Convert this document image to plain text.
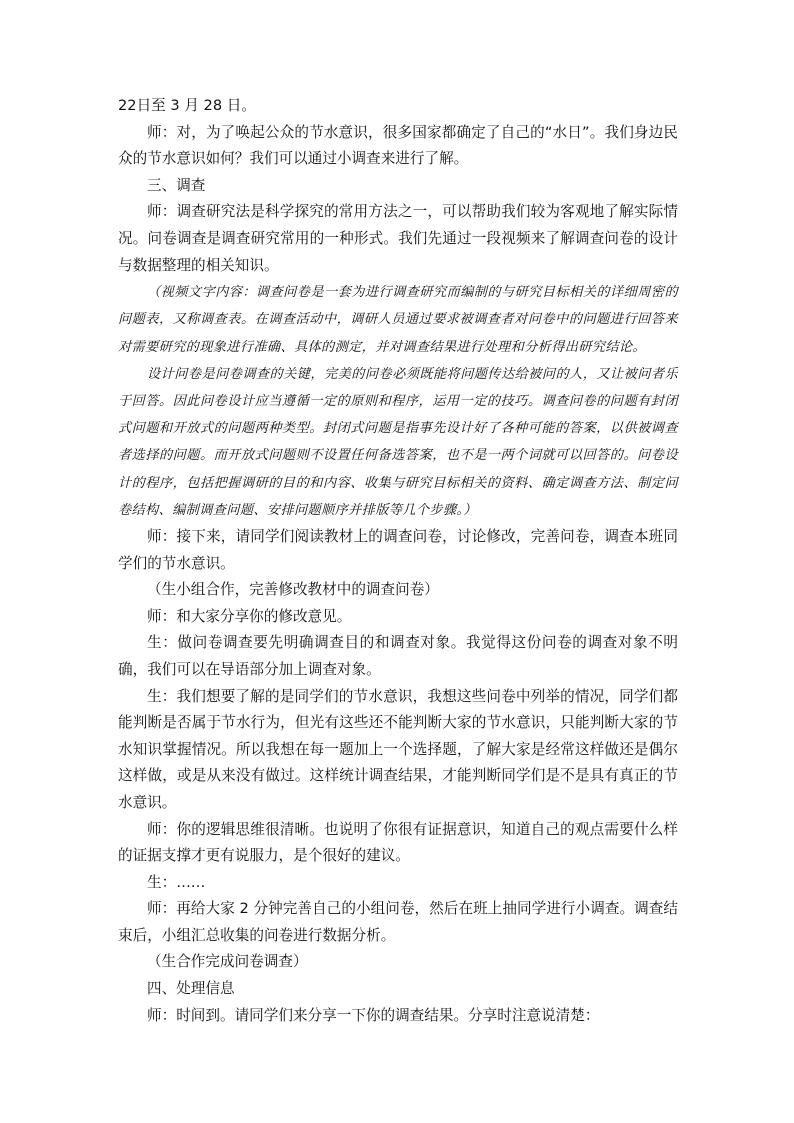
22日至 3 月 28 日。

师：对，为了唤起公众的节水意识，很多国家都确定了自己的“水日”。我们身边民众的节水意识如何？我们可以通过小调查来进行了解。

三、调查

师：调查研究法是科学探究的常用方法之一，可以帮助我们较为客观地了解实际情况。问卷调查是调查研究常用的一种形式。我们先通过一段视频来了解调查问卷的设计与数据整理的相关知识。

（视频文字内容：调查问卷是一套为进行调查研究而编制的与研究目标相关的详细周密的问题表，又称调查表。在调查活动中，调研人员通过要求被调查者对问卷中的问题进行回答来对需要研究的现象进行准确、具体的测定，并对调查结果进行处理和分析得出研究结论。

设计问卷是问卷调查的关键，完美的问卷必须既能将问题传达给被问的人，又让被问者乐于回答。因此问卷设计应当遵循一定的原则和程序，运用一定的技巧。调查问卷的问题有封闭式问题和开放式的问题两种类型。封闭式问题是指事先设计好了各种可能的答案，以供被调查者选择的问题。而开放式问题则不设置任何备选答案，也不是一两个词就可以回答的。问卷设计的程序，包括把握调研的目的和内容、收集与研究目标相关的资料、确定调查方法、制定问卷结构、编制调查问题、安排问题顺序并排版等几个步骤。）

师：接下来，请同学们阅读教材上的调查问卷，讨论修改，完善问卷，调查本班同学们的节水意识。

（生小组合作，完善修改教材中的调查问卷）

师：和大家分享你的修改意见。

生：做问卷调查要先明确调查目的和调查对象。我觉得这份问卷的调查对象不明确，我们可以在导语部分加上调查对象。

生：我们想要了解的是同学们的节水意识，我想这些问卷中列举的情况，同学们都能判断是否属于节水行为，但光有这些还不能判断大家的节水意识，只能判断大家的节水知识掌握情况。所以我想在每一题加上一个选择题，了解大家是经常这样做还是偶尔这样做，或是从来没有做过。这样统计调查结果，才能判断同学们是不是具有真正的节水意识。

师：你的逻辑思维很清晰。也说明了你很有证据意识，知道自己的观点需要什么样的证据支撑才更有说服力，是个很好的建议。

生：……

师：再给大家 2 分钟完善自己的小组问卷，然后在班上抽同学进行小调查。调查结束后，小组汇总收集的问卷进行数据分析。

（生合作完成问卷调查）

四、处理信息

师：时间到。请同学们来分享一下你的调查结果。分享时注意说清楚：
